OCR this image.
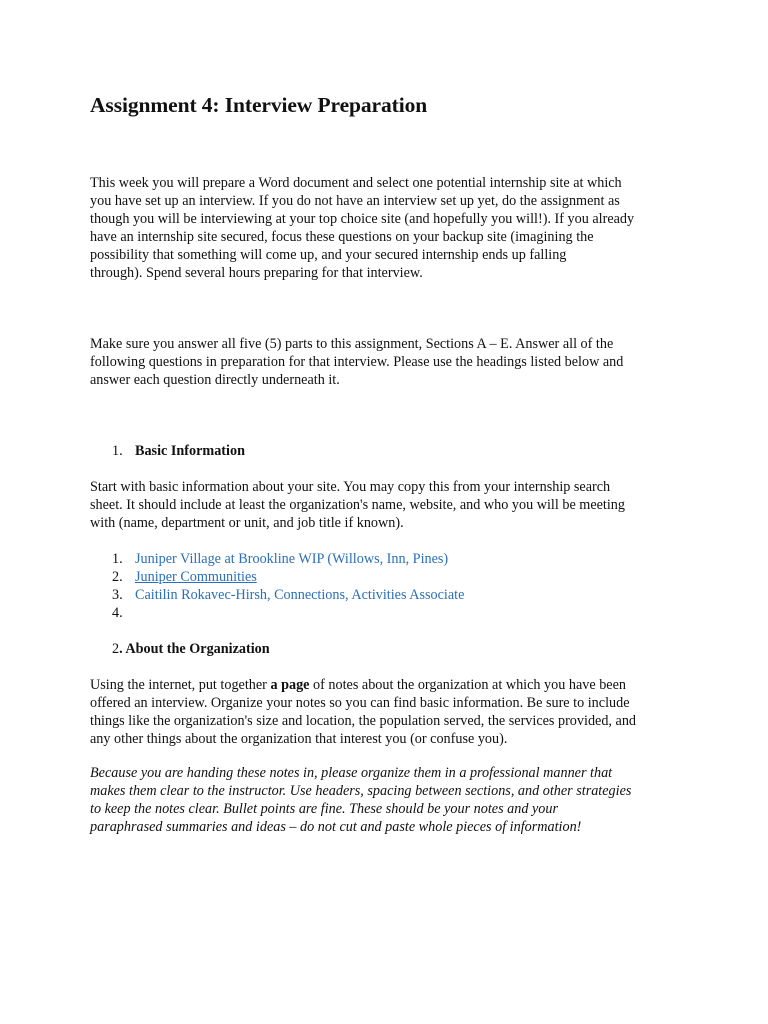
Assignment 4: Interview Preparation

This week you will prepare a Word document and select one potential internship site at which
you have set up an interview. If you do not have an interview set up yet, do the assignment as
though you will be interviewing at your top choice site (and hopefully you will!). If you already
have an internship site secured, focus these questions on your backup site (imagining the
possibility that something will come up, and your secured internship ends up falling
through). Spend several hours preparing for that interview.

Make sure you answer all five (5) parts to this assignment, Sections A – E. Answer all of the
following questions in preparation for that interview. Please use the headings listed below and
answer each question directly underneath it.

1. Basic Information

Start with basic information about your site. You may copy this from your internship search
sheet. It should include at least the organization's name, website, and who you will be meeting
with (name, department or unit, and job title if known).

1. Juniper Village at Brookline WIP (Willows, Inn, Pines)
2. Juniper Communities
3. Caitilin Rokavec-Hirsh, Connections, Activities Associate
4.
2. About the Organization

Using the internet, put together a page of notes about the organization at which you have been
offered an interview. Organize your notes so you can find basic information. Be sure to include
things like the organization's size and location, the population served, the services provided, and
any other things about the organization that interest you (or confuse you).

Because you are handing these notes in, please organize them in a professional manner that
makes them clear to the instructor. Use headers, spacing between sections, and other strategies
to keep the notes clear. Bullet points are fine. These should be your notes and your
paraphrased summaries and ideas – do not cut and paste whole pieces of information!
